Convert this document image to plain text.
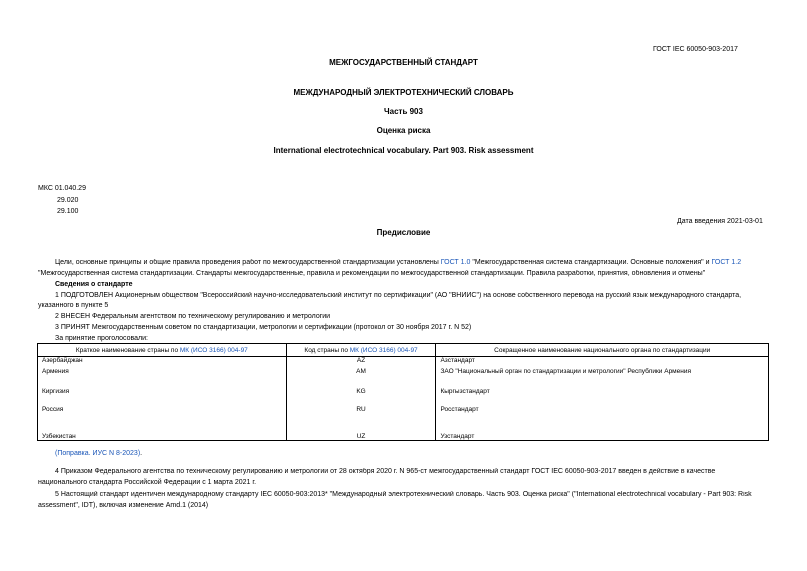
ГОСТ IEC 60050-903-2017
МЕЖГОСУДАРСТВЕННЫЙ СТАНДАРТ
МЕЖДУНАРОДНЫЙ ЭЛЕКТРОТЕХНИЧЕСКИЙ СЛОВАРЬ
Часть 903
Оценка риска
International electrotechnical vocabulary. Part 903. Risk assessment
МКС 01.040.29
29.020
29.100
Дата введения 2021-03-01
Предисловие
Цели, основные принципы и общие правила проведения работ по межгосударственной стандартизации установлены ГОСТ 1.0 "Межгосударственная система стандартизации. Основные положения" и ГОСТ 1.2
"Межгосударственная система стандартизации. Стандарты межгосударственные, правила и рекомендации по межгосударственной стандартизации. Правила разработки, принятия, обновления и отмены"
Сведения о стандарте
1 ПОДГОТОВЛЕН Акционерным обществом "Всероссийский научно-исследовательский институт по сертификации" (АО "ВНИИС") на основе собственного перевода на русский язык международного стандарта,
указанного в пункте 5
2 ВНЕСЕН Федеральным агентством по техническому регулированию и метрологии
3 ПРИНЯТ Межгосударственным советом по стандартизации, метрологии и сертификации (протокол от 30 ноября 2017 г. N 52)
За принятие проголосовали:
Краткое наименование страны по МК (ИСО 3166) 004-97	Код страны по МК (ИСО 3166) 004-97	Сокращенное наименование национального органа по стандартизации
Азербайджан	AZ	Азстандарт
Армения	AM	ЗАО "Национальный орган по стандартизации и метрологии" Республики Армения
Киргизия	KG	Кыргызстандарт
Россия	RU	Росстандарт
Узбекистан	UZ	Узстандарт
(Поправка. ИУС N 8-2023).
4 Приказом Федерального агентства по техническому регулированию и метрологии от 28 октября 2020 г. N 965-ст межгосударственный стандарт ГОСТ IEC 60050-903-2017 введен в действие в качестве
национального стандарта Российской Федерации с 1 марта 2021 г.
5 Настоящий стандарт идентичен международному стандарту IEC 60050-903:2013* "Международный электротехнический словарь. Часть 903. Оценка риска" ("International electrotechnical vocabulary - Part 903: Risk
assessment", IDT), включая изменение Amd.1 (2014)
